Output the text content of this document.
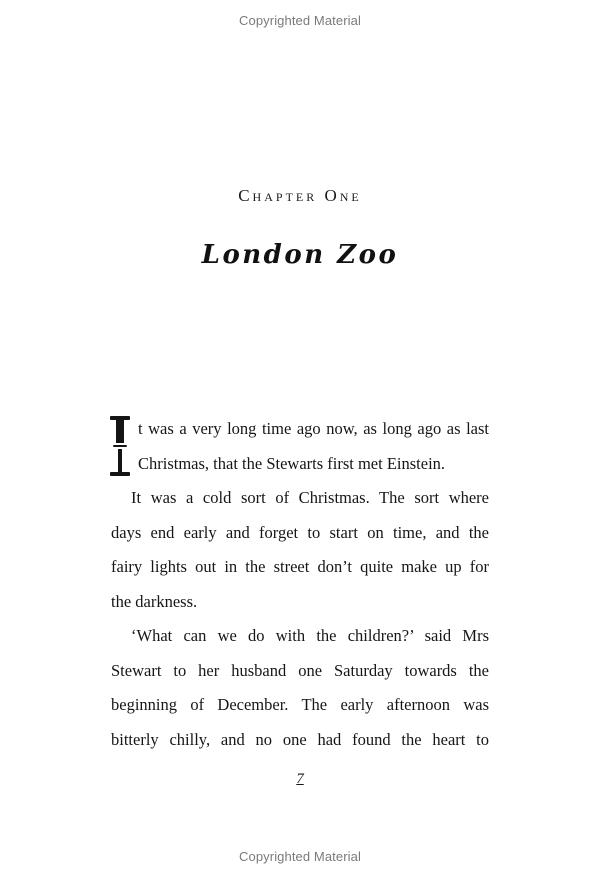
Copyrighted Material
Chapter One
London Zoo
t was a very long time ago now, as long ago as last
Christmas, that the Stewarts first met Einstein.
It was a cold sort of Christmas. The sort where
days end early and forget to start on time, and the
fairy lights out in the street don’t quite make up for
the darkness.
‘What can we do with the children?’ said Mrs
Stewart to her husband one Saturday towards the
beginning of December. The early afternoon was
bitterly chilly, and no one had found the heart to
7
Copyrighted Material
